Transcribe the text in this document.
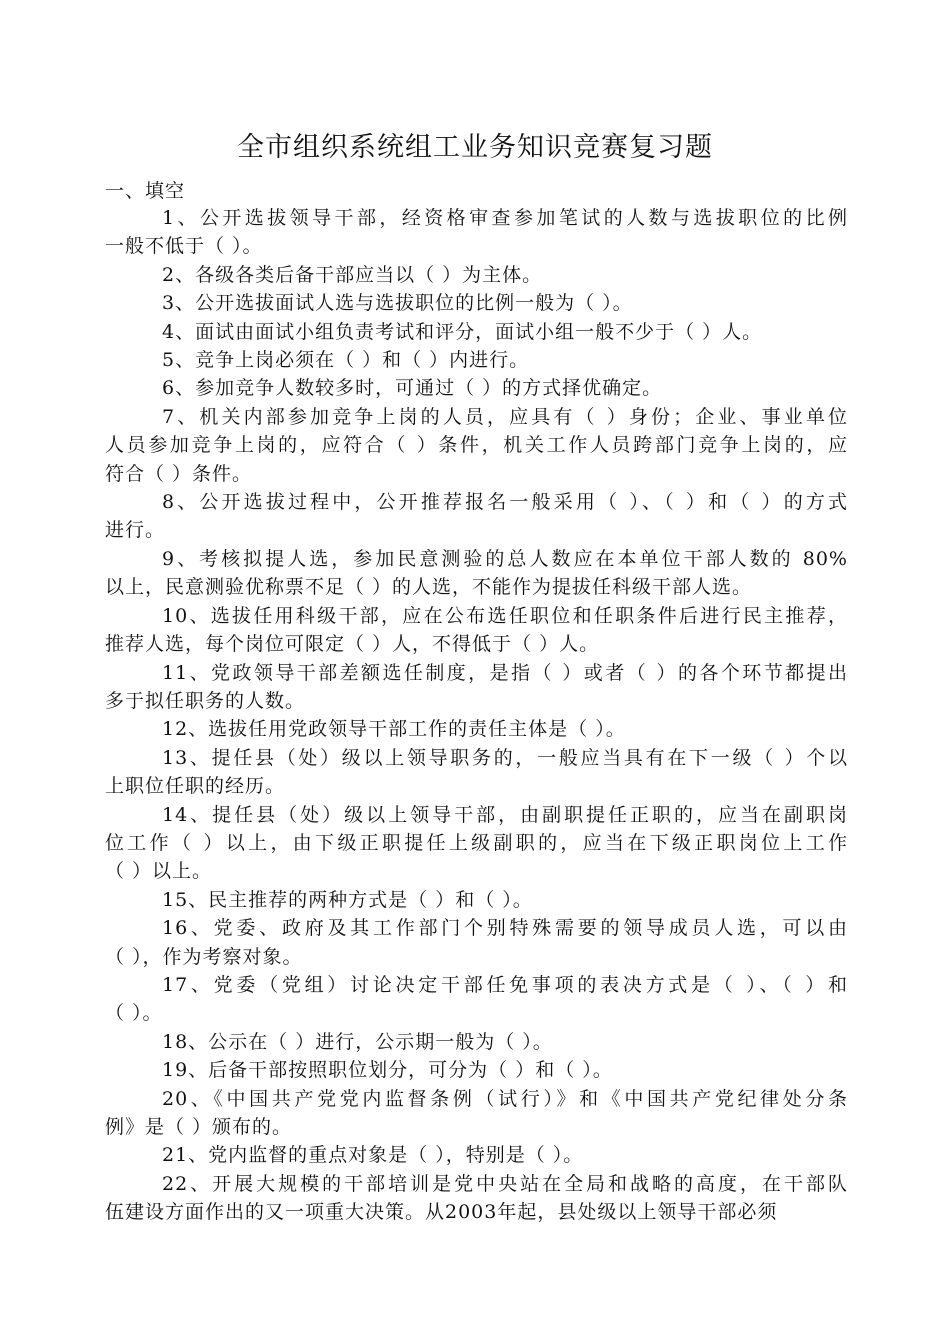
全市组织系统组工业务知识竞赛复习题
一、填空
1、公开选拔领导干部，经资格审查参加笔试的人数与选拔职位的比例
一般不低于（ ）。
2、各级各类后备干部应当以（ ）为主体。
3、公开选拔面试人选与选拔职位的比例一般为（ ）。
4、面试由面试小组负责考试和评分，面试小组一般不少于（ ）人。
5、竞争上岗必须在（ ）和（ ）内进行。
6、参加竞争人数较多时，可通过（ ）的方式择优确定。
7、机关内部参加竞争上岗的人员，应具有（ ）身份；企业、事业单位
人员参加竞争上岗的，应符合（ ）条件，机关工作人员跨部门竞争上岗的，应
符合（ ）条件。
8、公开选拔过程中，公开推荐报名一般采用（ ）、（ ）和（ ）的方式
进行。
9、考核拟提人选，参加民意测验的总人数应在本单位干部人数的 80%
以上，民意测验优称票不足（ ）的人选，不能作为提拔任科级干部人选。
10、选拔任用科级干部，应在公布选任职位和任职条件后进行民主推荐，
推荐人选，每个岗位可限定（ ）人，不得低于（ ）人。
11、党政领导干部差额选任制度，是指（ ）或者（ ）的各个环节都提出
多于拟任职务的人数。
12、选拔任用党政领导干部工作的责任主体是（ ）。
13、提任县（处）级以上领导职务的，一般应当具有在下一级（ ）个以
上职位任职的经历。
14、提任县（处）级以上领导干部，由副职提任正职的，应当在副职岗
位工作（ ）以上，由下级正职提任上级副职的，应当在下级正职岗位上工作
（ ）以上。
15、民主推荐的两种方式是（ ）和（ ）。
16、党委、政府及其工作部门个别特殊需要的领导成员人选，可以由
（ ），作为考察对象。
17、党委（党组）讨论决定干部任免事项的表决方式是（ ）、（ ）和
（ ）。
18、公示在（ ）进行，公示期一般为（ ）。
19、后备干部按照职位划分，可分为（ ）和（ ）。
20、《中国共产党党内监督条例（试行）》和《中国共产党纪律处分条
例》是（ ）颁布的。
21、党内监督的重点对象是（ ），特别是（ ）。
22、开展大规模的干部培训是党中央站在全局和战略的高度，在干部队
伍建设方面作出的又一项重大决策。从2003年起，县处级以上领导干部必须
